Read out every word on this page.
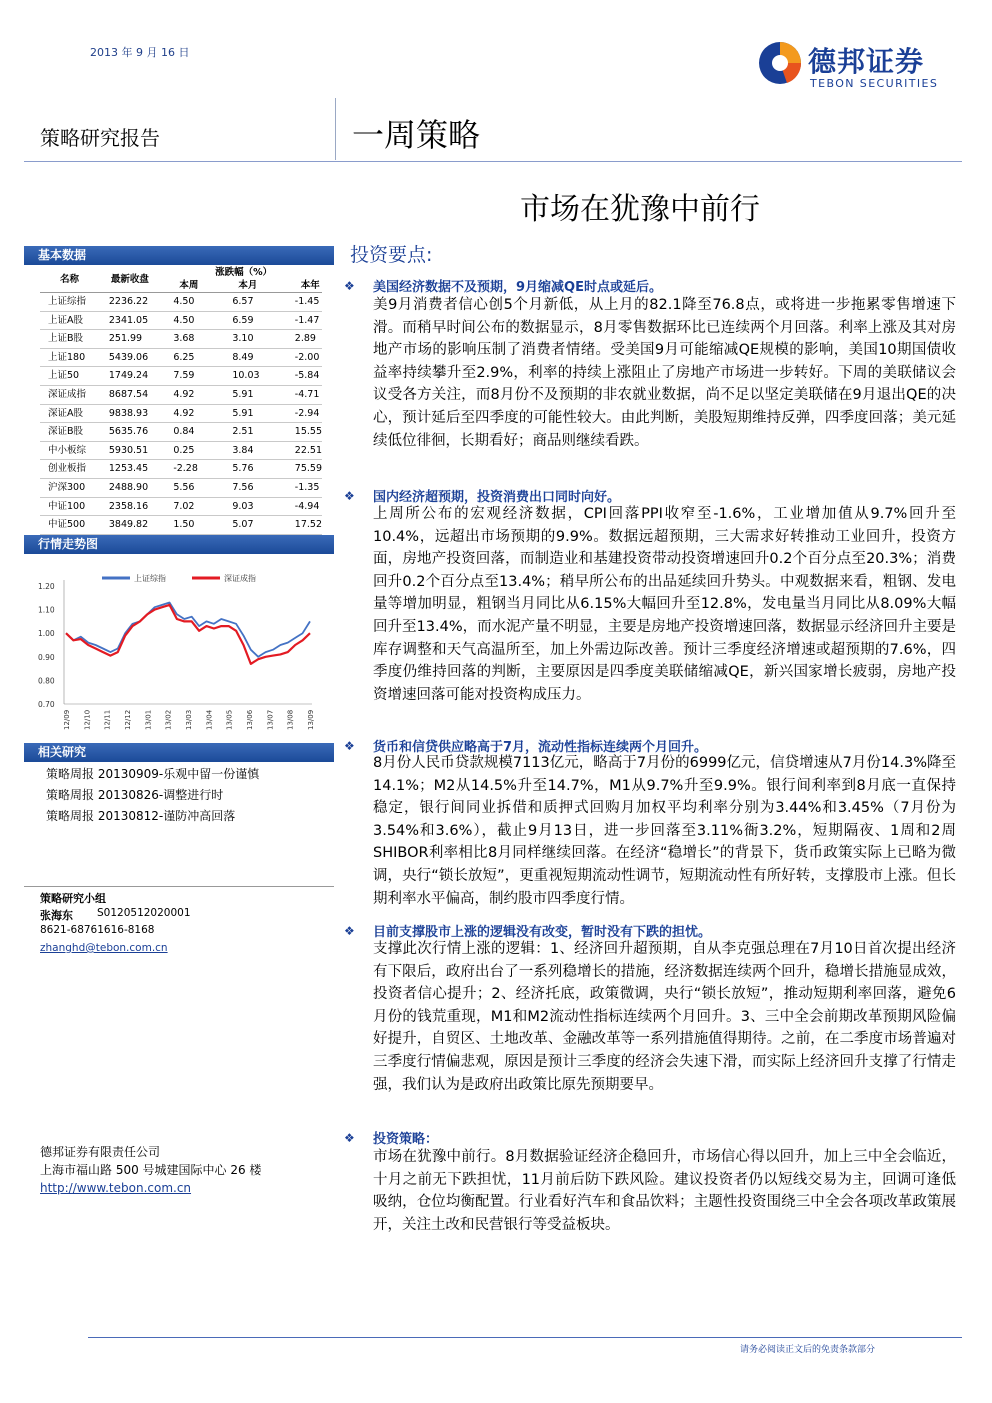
2013 年 9 月 16 日	德邦证券
TEBON SECURITIES
策略研究报告	一周策略
市场在犹豫中前行
基本数据
名称	最新收盘	涨跌幅（%）		
		本周	本月	本年
上证综指	2236.22	4.50	6.57	-1.45
上证A股	2341.05	4.50	6.59	-1.47
上证B股	251.99	3.68	3.10	2.89
上证180	5439.06	6.25	8.49	-2.00
上证50	1749.24	7.59	10.03	-5.84
深证成指	8687.54	4.92	5.91	-4.71
深证A股	9838.93	4.92	5.91	-2.94
深证B股	5635.76	0.84	2.51	15.55
中小板综	5930.51	0.25	3.84	22.51
创业板指	1253.45	-2.28	5.76	75.59
沪深300	2488.90	5.56	7.56	-1.35
中证100	2358.16	7.02	9.03	-4.94
中证500	3849.82	1.50	5.07	17.52
行情走势图
1.20
1.10
1.00
0.90
0.80
0.70
12/09 12/10 12/11 12/12 13/01 13/02 13/03 13/04 13/05 13/06 13/07 13/08 13/09
上证综指	深证成指
相关研究
策略周报 20130909-乐观中留一份谨慎
策略周报 20130826-调整进行时
策略周报 20130812-谨防冲高回落
策略研究小组
张海东 S0120512020001
8621-68761616-8168
zhanghd@tebon.com.cn
德邦证券有限责任公司
上海市福山路 500 号城建国际中心 26 楼
http://www.tebon.com.cn
投资要点:
❖ 美国经济数据不及预期，9月缩减QE时点或延后。
美9月消费者信心创5个月新低，从上月的82.1降至76.8点，或将进一步拖累零售增速下滑。而稍早时间公布的数据显示，8月零售数据环比已连续两个月回落。利率上涨及其对房地产市场的影响压制了消费者情绪。受美国9月可能缩减QE规模的影响，美国10期国债收益率持续攀升至2.9%，利率的持续上涨阻止了房地产市场进一步转好。下周的美联储议会议受各方关注，而8月份不及预期的非农就业数据，尚不足以坚定美联储在9月退出QE的决心，预计延后至四季度的可能性较大。由此判断，美股短期维持反弹，四季度回落；美元延续低位徘徊，长期看好；商品则继续看跌。
❖ 国内经济超预期，投资消费出口同时向好。
上周所公布的宏观经济数据，CPI回落PPI收窄至-1.6%，工业增加值从9.7%回升至10.4%，远超出市场预期的9.9%。数据远超预期，三大需求好转推动工业回升，投资方面，房地产投资回落，而制造业和基建投资带动投资增速回升0.2个百分点至20.3%；消费回升0.2个百分点至13.4%；稍早所公布的出品延续回升势头。中观数据来看，粗钢、发电量等增加明显，粗钢当月同比从6.15%大幅回升至12.8%，发电量当月同比从8.09%大幅回升至13.4%，而水泥产量不明显，主要是房地产投资增速回落，数据显示经济回升主要是库存调整和天气高温所至，加上外需边际改善。预计三季度经济增速或超预期的7.6%，四季度仍维持回落的判断，主要原因是四季度美联储缩减QE，新兴国家增长疲弱，房地产投资增速回落可能对投资构成压力。
❖ 货币和信贷供应略高于7月，流动性指标连续两个月回升。
8月份人民币贷款规模7113亿元，略高于7月份的6999亿元，信贷增速从7月份14.3%降至14.1%；M2从14.5%升至14.7%，M1从9.7%升至9.9%。银行间利率到8月底一直保持稳定，银行间同业拆借和质押式回购月加权平均利率分别为3.44%和3.45%（7月份为3.54%和3.6%），截止9月13日，进一步回落至3.11%衙3.2%，短期隔夜、1周和2周SHIBOR利率相比8月同样继续回落。在经济“稳增长”的背景下，货币政策实际上已略为微调，央行“锁长放短”，更重视短期流动性调节，短期流动性有所好转，支撑股市上涨。但长期利率水平偏高，制约股市四季度行情。
❖ 目前支撑股市上涨的逻辑没有改变，暂时没有下跌的担忧。
支撑此次行情上涨的逻辑：1、经济回升超预期，自从李克强总理在7月10日首次提出经济有下限后，政府出台了一系列稳增长的措施，经济数据连续两个回升，稳增长措施显成效，投资者信心提升；2、经济托底，政策微调，央行“锁长放短”，推动短期利率回落，避免6月份的钱荒重现，M1和M2流动性指标连续两个月回升。3、三中全会前期改革预期风险偏好提升，自贸区、土地改革、金融改革等一系列措施值得期待。之前，在二季度市场普遍对三季度行情偏悲观，原因是预计三季度的经济会失速下滑，而实际上经济回升支撑了行情走强，我们认为是政府出政策比原先预期要早。
❖ 投资策略：
市场在犹豫中前行。8月数据验证经济企稳回升，市场信心得以回升，加上三中全会临近，十月之前无下跌担忧，11月前后防下跌风险。建议投资者仍以短线交易为主，回调可逢低吸纳，仓位均衡配置。行业看好汽车和食品饮料；主题性投资围绕三中全会各项改革政策展开，关注土改和民营银行等受益板块。
请务必阅读正文后的免责条款部分
